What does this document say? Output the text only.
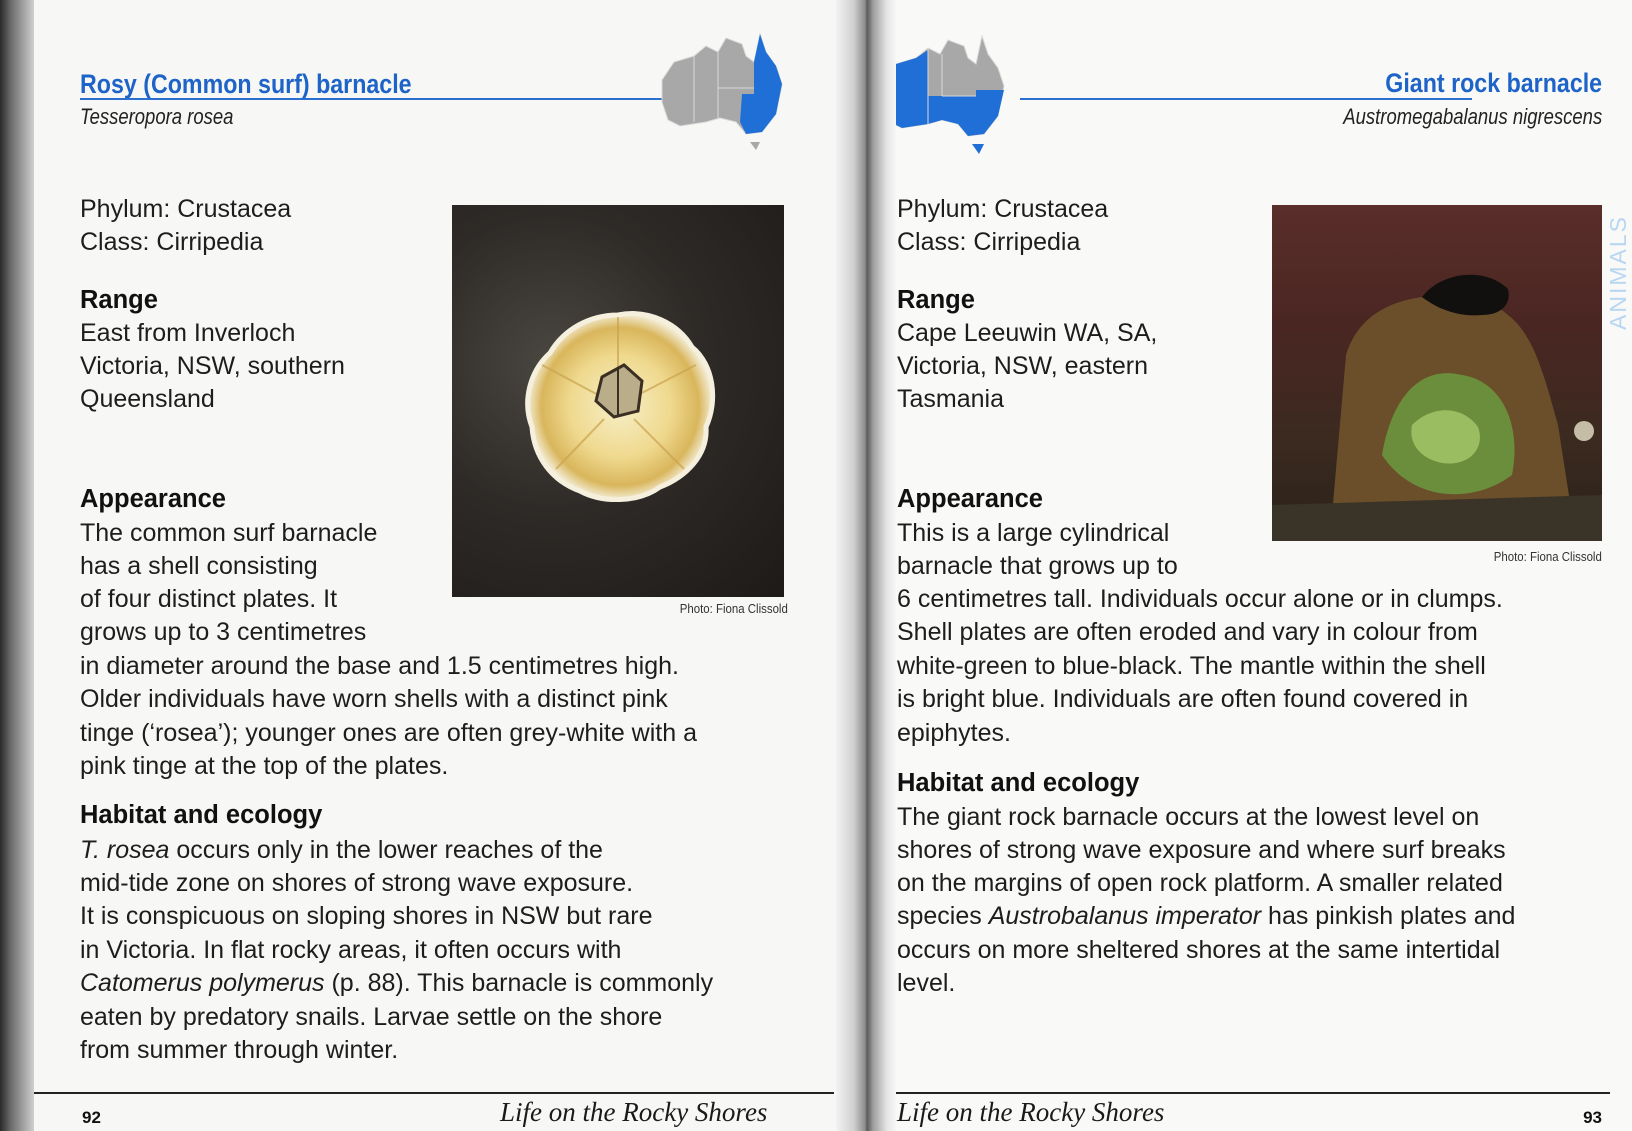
Rosy (Common surf) barnacle
Tesseropora rosea
Phylum: Crustacea
Class: Cirripedia
Range
East from Inverloch
Victoria, NSW, southern
Queensland
Photo: Fiona Clissold
Appearance
The common surf barnacle
has a shell consisting
of four distinct plates. It
grows up to 3 centimetres
in diameter around the base and 1.5 centimetres high.
Older individuals have worn shells with a distinct pink
tinge (‘rosea’); younger ones are often grey-white with a
pink tinge at the top of the plates.
Habitat and ecology
T. rosea occurs only in the lower reaches of the
mid-tide zone on shores of strong wave exposure.
It is conspicuous on sloping shores in NSW but rare
in Victoria. In flat rocky areas, it often occurs with
Catomerus polymerus (p. 88). This barnacle is commonly
eaten by predatory snails. Larvae settle on the shore
from summer through winter.
92	Life on the Rocky Shores
Giant rock barnacle
Austromegabalanus nigrescens
Phylum: Crustacea
Class: Cirripedia
Range
Cape Leeuwin WA, SA,
Victoria, NSW, eastern
Tasmania
Photo: Fiona Clissold
ANIMALS
Appearance
This is a large cylindrical
barnacle that grows up to
6 centimetres tall. Individuals occur alone or in clumps.
Shell plates are often eroded and vary in colour from
white-green to blue-black. The mantle within the shell
is bright blue. Individuals are often found covered in
epiphytes.
Habitat and ecology
The giant rock barnacle occurs at the lowest level on
shores of strong wave exposure and where surf breaks
on the margins of open rock platform. A smaller related
species Austrobalanus imperator has pinkish plates and
occurs on more sheltered shores at the same intertidal
level.
Life on the Rocky Shores	93
